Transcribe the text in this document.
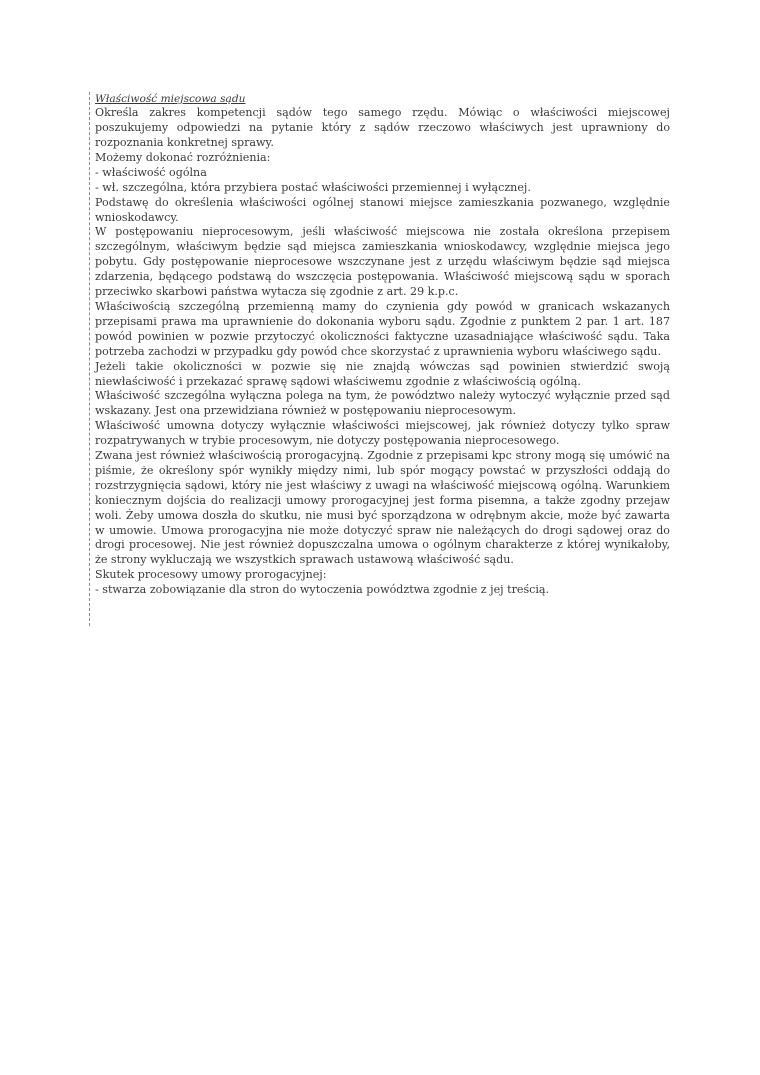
Właściwość miejscowa sądu

Określa zakres kompetencji sądów tego samego rzędu. Mówiąc o właściwości miejscowej poszukujemy odpowiedzi na pytanie który z sądów rzeczowo właściwych jest uprawniony do rozpoznania konkretnej sprawy.

Możemy dokonać rozróżnienia:

- właściwość ogólna

- wł. szczególna, która przybiera postać właściwości przemiennej i wyłącznej.

Podstawę do określenia właściwości ogólnej stanowi miejsce zamieszkania pozwanego, względnie wnioskodawcy.

W postępowaniu nieprocesowym, jeśli właściwość miejscowa nie została określona przepisem szczególnym, właściwym będzie sąd miejsca zamieszkania wnioskodawcy, względnie miejsca jego pobytu. Gdy postępowanie nieprocesowe wszczynane jest z urzędu właściwym będzie sąd miejsca zdarzenia, będącego podstawą do wszczęcia postępowania. Właściwość miejscową sądu w sporach przeciwko skarbowi państwa wytacza się zgodnie z art. 29 k.p.c.

Właściwością szczególną przemienną mamy do czynienia gdy powód w granicach wskazanych przepisami prawa ma uprawnienie do dokonania wyboru sądu. Zgodnie z punktem 2 par. 1 art. 187 powód powinien w pozwie przytoczyć okoliczności faktyczne uzasadniające właściwość sądu. Taka potrzeba zachodzi w przypadku gdy powód chce skorzystać z uprawnienia wyboru właściwego sądu.

Jeżeli takie okoliczności w pozwie się nie znajdą wówczas sąd powinien stwierdzić swoją niewłaściwość i przekazać sprawę sądowi właściwemu zgodnie z właściwością ogólną.

Właściwość szczególna wyłączna polega na tym, że powództwo należy wytoczyć wyłącznie przed sąd wskazany. Jest ona przewidziana również w postępowaniu nieprocesowym.

Właściwość umowna dotyczy wyłącznie właściwości miejscowej, jak również dotyczy tylko spraw rozpatrywanych w trybie procesowym, nie dotyczy postępowania nieprocesowego.

Zwana jest również właściwością prorogacyjną. Zgodnie z przepisami kpc strony mogą się umówić na piśmie, że określony spór wynikły między nimi, lub spór mogący powstać w przyszłości oddają do rozstrzygnięcia sądowi, który nie jest właściwy z uwagi na właściwość miejscową ogólną. Warunkiem koniecznym dojścia do realizacji umowy prorogacyjnej jest forma pisemna, a także zgodny przejaw woli. Żeby umowa doszła do skutku, nie musi być sporządzona w odrębnym akcie, może być zawarta w umowie. Umowa prorogacyjna nie może dotyczyć spraw nie należących do drogi sądowej oraz do drogi procesowej. Nie jest również dopuszczalna umowa o ogólnym charakterze z której wynikałoby, że strony wykluczają we wszystkich sprawach ustawową właściwość sądu.

Skutek procesowy umowy prorogacyjnej:

- stwarza zobowiązanie dla stron do wytoczenia powództwa zgodnie z jej treścią.
